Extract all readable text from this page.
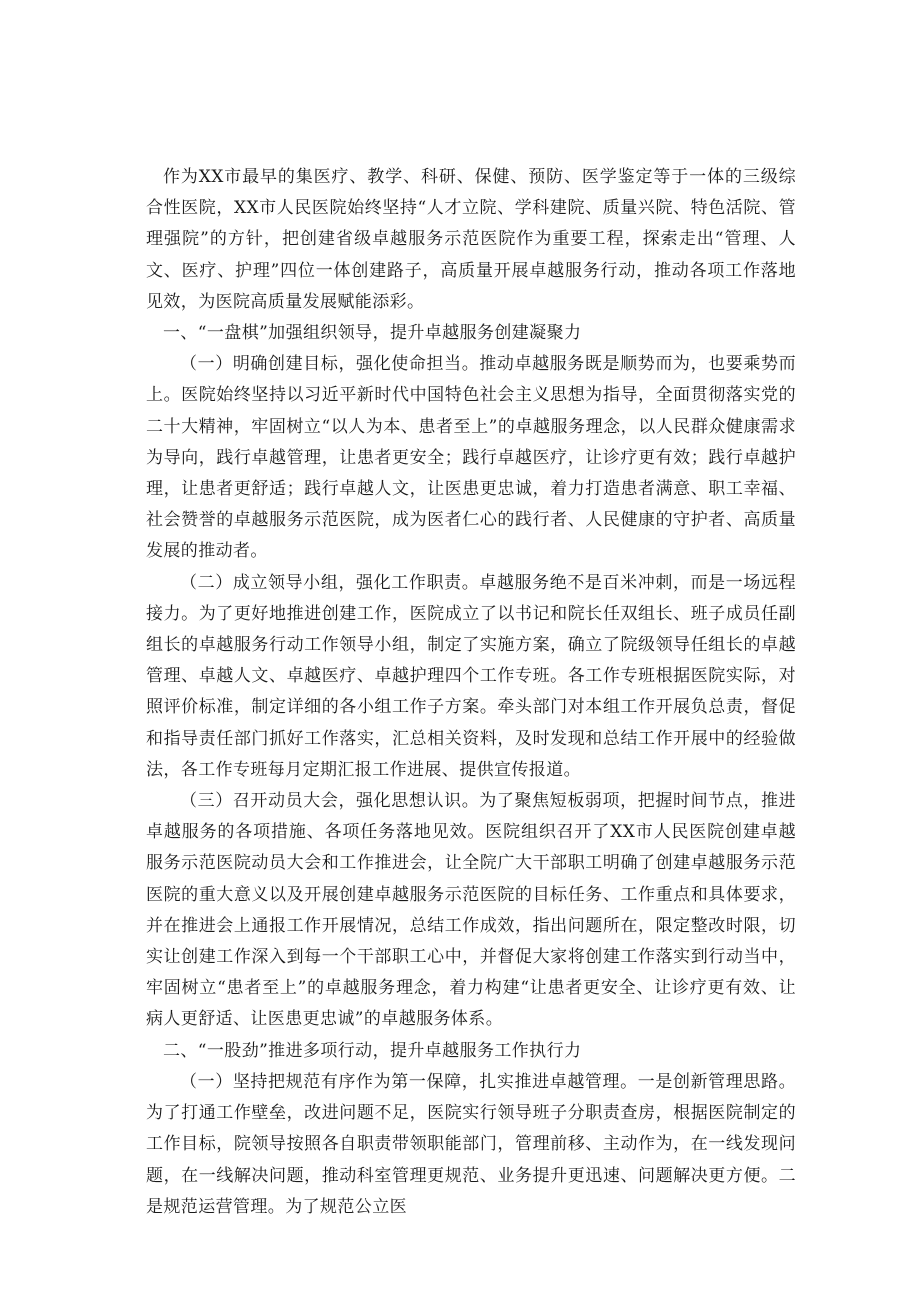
作为XX市最早的集医疗、教学、科研、保健、预防、医学鉴定等于一体的三级综合性医院，XX市人民医院始终坚持“人才立院、学科建院、质量兴院、特色活院、管理强院”的方针，把创建省级卓越服务示范医院作为重要工程，探索走出“管理、人文、医疗、护理”四位一体创建路子，高质量开展卓越服务行动，推动各项工作落地见效，为医院高质量发展赋能添彩。

一、“一盘棋”加强组织领导，提升卓越服务创建凝聚力

（一）明确创建目标，强化使命担当。推动卓越服务既是顺势而为，也要乘势而上。医院始终坚持以习近平新时代中国特色社会主义思想为指导，全面贯彻落实党的二十大精神，牢固树立“以人为本、患者至上”的卓越服务理念，以人民群众健康需求为导向，践行卓越管理，让患者更安全；践行卓越医疗，让诊疗更有效；践行卓越护理，让患者更舒适；践行卓越人文，让医患更忠诚，着力打造患者满意、职工幸福、社会赞誉的卓越服务示范医院，成为医者仁心的践行者、人民健康的守护者、高质量发展的推动者。

（二）成立领导小组，强化工作职责。卓越服务绝不是百米冲刺，而是一场远程接力。为了更好地推进创建工作，医院成立了以书记和院长任双组长、班子成员任副组长的卓越服务行动工作领导小组，制定了实施方案，确立了院级领导任组长的卓越管理、卓越人文、卓越医疗、卓越护理四个工作专班。各工作专班根据医院实际，对照评价标准，制定详细的各小组工作子方案。牵头部门对本组工作开展负总责，督促和指导责任部门抓好工作落实，汇总相关资料，及时发现和总结工作开展中的经验做法，各工作专班每月定期汇报工作进展、提供宣传报道。

（三）召开动员大会，强化思想认识。为了聚焦短板弱项，把握时间节点，推进卓越服务的各项措施、各项任务落地见效。医院组织召开了XX市人民医院创建卓越服务示范医院动员大会和工作推进会，让全院广大干部职工明确了创建卓越服务示范医院的重大意义以及开展创建卓越服务示范医院的目标任务、工作重点和具体要求，并在推进会上通报工作开展情况，总结工作成效，指出问题所在，限定整改时限，切实让创建工作深入到每一个干部职工心中，并督促大家将创建工作落实到行动当中，牢固树立“患者至上”的卓越服务理念，着力构建“让患者更安全、让诊疗更有效、让病人更舒适、让医患更忠诚”的卓越服务体系。

二、“一股劲”推进多项行动，提升卓越服务工作执行力

（一）坚持把规范有序作为第一保障，扎实推进卓越管理。一是创新管理思路。为了打通工作壁垒，改进问题不足，医院实行领导班子分职责查房，根据医院制定的工作目标，院领导按照各自职责带领职能部门，管理前移、主动作为，在一线发现问题，在一线解决问题，推动科室管理更规范、业务提升更迅速、问题解决更方便。二是规范运营管理。为了规范公立医
